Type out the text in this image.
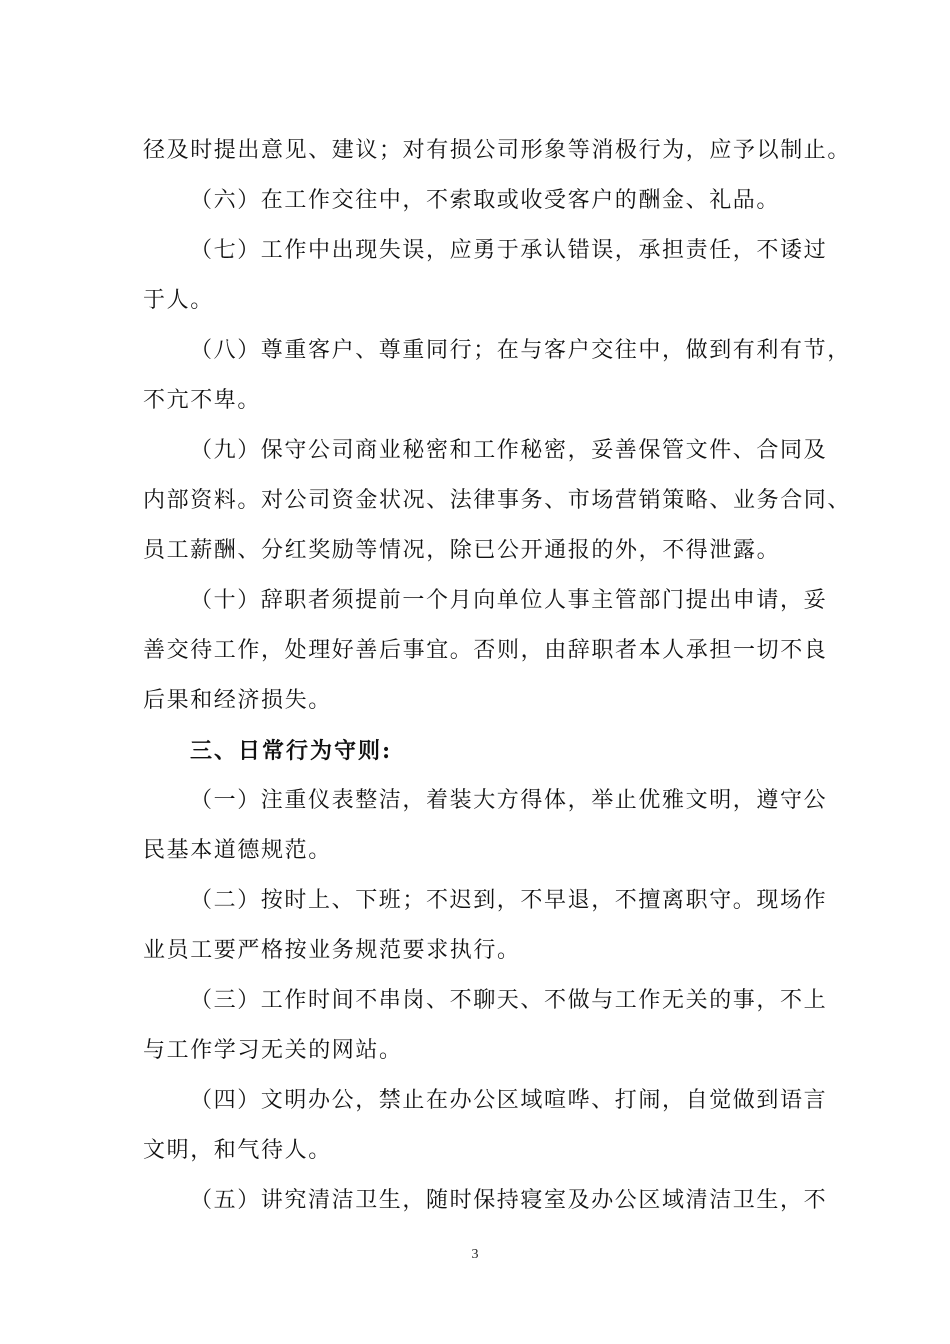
径及时提出意见、建议；对有损公司形象等消极行为，应予以制止。
（六）在工作交往中，不索取或收受客户的酬金、礼品。
（七）工作中出现失误，应勇于承认错误，承担责任，不诿过
于人。
（八）尊重客户、尊重同行；在与客户交往中，做到有利有节，
不亢不卑。
（九）保守公司商业秘密和工作秘密，妥善保管文件、合同及
内部资料。对公司资金状况、法律事务、市场营销策略、业务合同、
员工薪酬、分红奖励等情况，除已公开通报的外，不得泄露。
（十）辞职者须提前一个月向单位人事主管部门提出申请，妥
善交待工作，处理好善后事宜。否则，由辞职者本人承担一切不良
后果和经济损失。
三、日常行为守则:
（一）注重仪表整洁，着装大方得体，举止优雅文明，遵守公
民基本道德规范。
（二）按时上、下班；不迟到，不早退，不擅离职守。现场作
业员工要严格按业务规范要求执行。
（三）工作时间不串岗、不聊天、不做与工作无关的事，不上
与工作学习无关的网站。
（四）文明办公，禁止在办公区域喧哗、打闹，自觉做到语言
文明，和气待人。
（五）讲究清洁卫生，随时保持寝室及办公区域清洁卫生，不
3
